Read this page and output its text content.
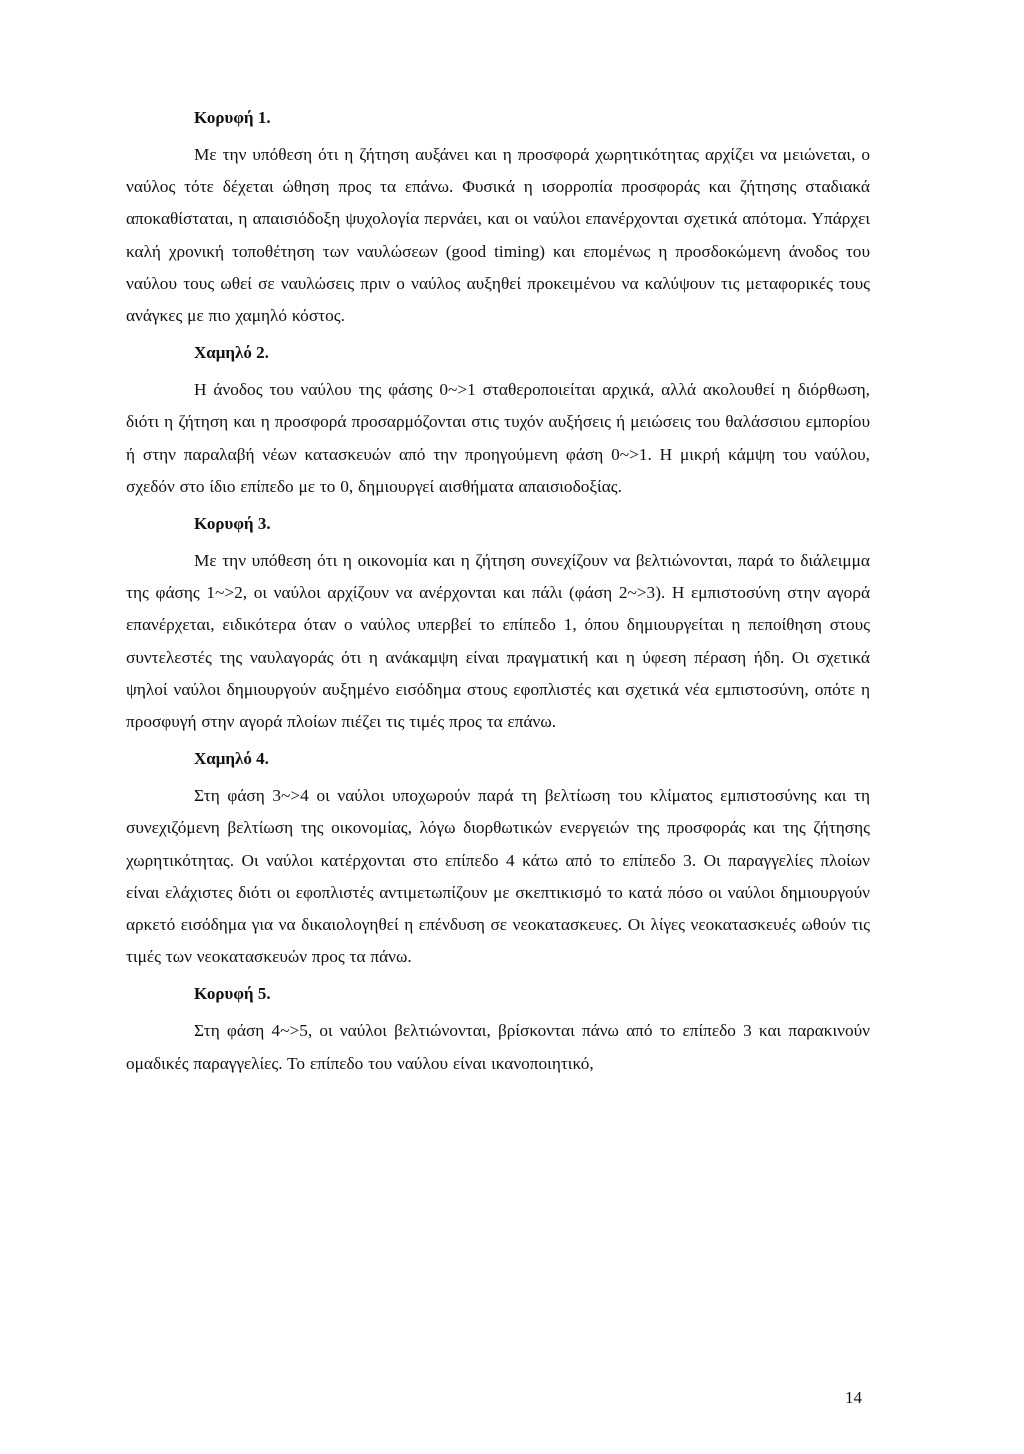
Κορυφή 1.

Με την υπόθεση ότι η ζήτηση αυξάνει και η προσφορά χωρητικότητας αρχίζει να μειώνεται, ο ναύλος τότε δέχεται ώθηση προς τα επάνω. Φυσικά η ισορροπία προσφοράς και ζήτησης σταδιακά αποκαθίσταται, η απαισιόδοξη ψυχολογία περνάει, και οι ναύλοι επανέρχονται σχετικά απότομα. Υπάρχει καλή χρονική τοποθέτηση των ναυλώσεων (good timing) και επομένως η προσδοκώμενη άνοδος του ναύλου τους ωθεί σε ναυλώσεις πριν ο ναύλος αυξηθεί προκειμένου να καλύψουν τις μεταφορικές τους ανάγκες με πιο χαμηλό κόστος.

Χαμηλό 2.

Η άνοδος του ναύλου της φάσης 0~>1 σταθεροποιείται αρχικά, αλλά ακολουθεί η διόρθωση, διότι η ζήτηση και η προσφορά προσαρμόζονται στις τυχόν αυξήσεις ή μειώσεις του θαλάσσιου εμπορίου ή στην παραλαβή νέων κατασκευών από την προηγούμενη φάση 0~>1. Η μικρή κάμψη του ναύλου, σχεδόν στο ίδιο επίπεδο με το 0, δημιουργεί αισθήματα απαισιοδοξίας.

Κορυφή 3.

Με την υπόθεση ότι η οικονομία και η ζήτηση συνεχίζουν να βελτιώνονται, παρά το διάλειμμα της φάσης 1~>2, οι ναύλοι αρχίζουν να ανέρχονται και πάλι (φάση 2~>3). Η εμπιστοσύνη στην αγορά επανέρχεται, ειδικότερα όταν ο ναύλος υπερβεί το επίπεδο 1, όπου δημιουργείται η πεποίθηση στους συντελεστές της ναυλαγοράς ότι η ανάκαμψη είναι πραγματική και η ύφεση πέραση ήδη. Οι σχετικά ψηλοί ναύλοι δημιουργούν αυξημένο εισόδημα στους εφοπλιστές και σχετικά νέα εμπιστοσύνη, οπότε η προσφυγή στην αγορά πλοίων πιέζει τις τιμές προς τα επάνω.

Χαμηλό 4.

Στη φάση 3~>4 οι ναύλοι υποχωρούν παρά τη βελτίωση του κλίματος εμπιστοσύνης και τη συνεχιζόμενη βελτίωση της οικονομίας, λόγω διορθωτικών ενεργειών της προσφοράς και της ζήτησης χωρητικότητας. Οι ναύλοι κατέρχονται στο επίπεδο 4 κάτω από το επίπεδο 3. Οι παραγγελίες πλοίων είναι ελάχιστες διότι οι εφοπλιστές αντιμετωπίζουν με σκεπτικισμό το κατά πόσο οι ναύλοι δημιουργούν αρκετό εισόδημα για να δικαιολογηθεί η επένδυση σε νεοκατασκευες. Οι λίγες νεοκατασκευές ωθούν τις τιμές των νεοκατασκευών προς τα πάνω.

Κορυφή 5.

Στη φάση 4~>5, οι ναύλοι βελτιώνονται, βρίσκονται πάνω από το επίπεδο 3 και παρακινούν ομαδικές παραγγελίες. Το επίπεδο του ναύλου είναι ικανοποιητικό,

14
